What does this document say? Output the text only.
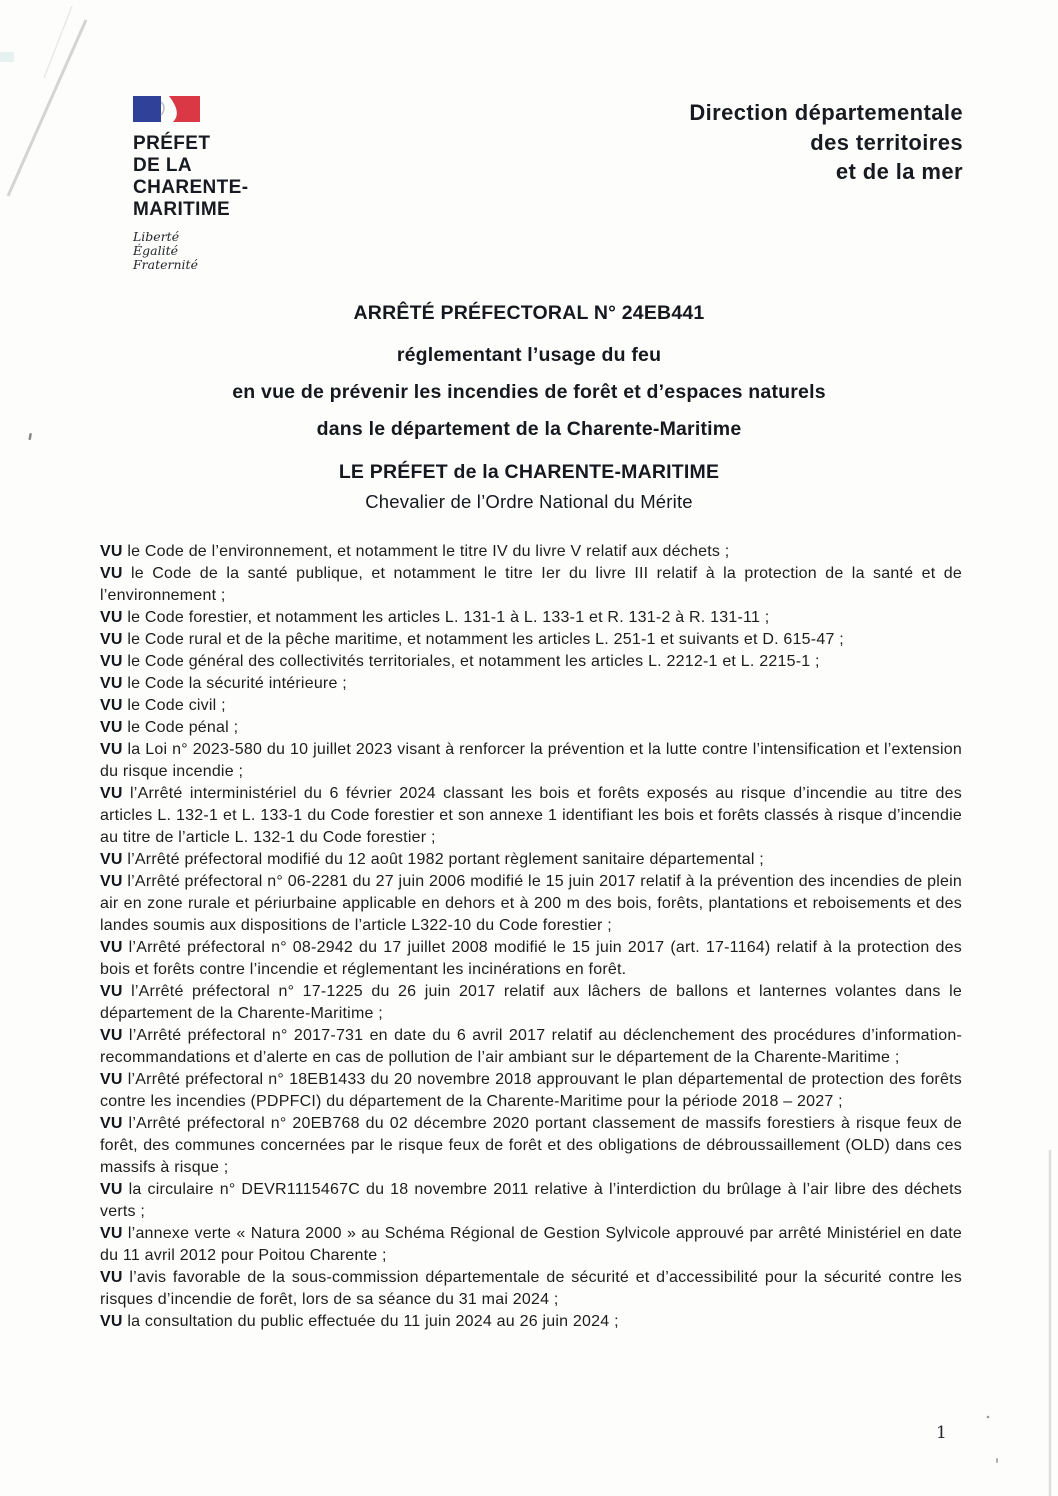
PRÉFET
DE LA
CHARENTE-
MARITIME
Liberté
Égalité
Fraternité
Direction départementale
des territoires
et de la mer
ARRÊTÉ PRÉFECTORAL N° 24EB441
réglementant l’usage du feu
en vue de prévenir les incendies de forêt et d’espaces naturels
dans le département de la Charente-Maritime
LE PRÉFET de la CHARENTE-MARITIME
Chevalier de l’Ordre National du Mérite

VU le Code de l’environnement, et notamment le titre IV du livre V relatif aux déchets ;

VU le Code de la santé publique, et notamment le titre Ier du livre III relatif à la protection de la santé et de l’environnement ;

VU le Code forestier, et notamment les articles L. 131-1 à L. 133-1 et R. 131-2 à R. 131-11 ;

VU le Code rural et de la pêche maritime, et notamment les articles L. 251-1 et suivants et D. 615-47 ;

VU le Code général des collectivités territoriales, et notamment les articles L. 2212-1 et L. 2215-1 ;

VU le Code la sécurité intérieure ;

VU le Code civil ;

VU le Code pénal ;

VU la Loi n° 2023-580 du 10 juillet 2023 visant à renforcer la prévention et la lutte contre l’intensification et l’extension du risque incendie ;

VU l’Arrêté interministériel du 6 février 2024 classant les bois et forêts exposés au risque d’incendie au titre des articles L. 132-1 et L. 133-1 du Code forestier et son annexe 1 identifiant les bois et forêts classés à risque d’incendie au titre de l’article L. 132-1 du Code forestier ;

VU l’Arrêté préfectoral modifié du 12 août 1982 portant règlement sanitaire départemental ;

VU l’Arrêté préfectoral n° 06-2281 du 27 juin 2006 modifié le 15 juin 2017 relatif à la prévention des incendies de plein air en zone rurale et périurbaine applicable en dehors et à 200 m des bois, forêts, plantations et reboisements et des landes soumis aux dispositions de l’article L322-10 du Code forestier ;

VU l’Arrêté préfectoral n° 08-2942 du 17 juillet 2008 modifié le 15 juin 2017 (art. 17-1164) relatif à la protection des bois et forêts contre l’incendie et réglementant les incinérations en forêt.

VU l’Arrêté préfectoral n° 17-1225 du 26 juin 2017 relatif aux lâchers de ballons et lanternes volantes dans le département de la Charente-Maritime ;

VU l’Arrêté préfectoral n° 2017-731 en date du 6 avril 2017 relatif au déclenchement des procédures d’information-recommandations et d’alerte en cas de pollution de l’air ambiant sur le département de la Charente-Maritime ;

VU l’Arrêté préfectoral n° 18EB1433 du 20 novembre 2018 approuvant le plan départemental de protection des forêts contre les incendies (PDPFCI) du département de la Charente-Maritime pour la période 2018 – 2027 ;

VU l’Arrêté préfectoral n° 20EB768 du 02 décembre 2020 portant classement de massifs forestiers à risque feux de forêt, des communes concernées par le risque feux de forêt et des obligations de débroussaillement (OLD) dans ces massifs à risque ;

VU la circulaire n° DEVR1115467C du 18 novembre 2011 relative à l’interdiction du brûlage à l’air libre des déchets verts ;

VU l’annexe verte « Natura 2000 » au Schéma Régional de Gestion Sylvicole approuvé par arrêté Ministériel en date du 11 avril 2012 pour Poitou Charente ;

VU l’avis favorable de la sous-commission départementale de sécurité et d’accessibilité pour la sécurité contre les risques d’incendie de forêt, lors de sa séance du 31 mai 2024 ;

VU la consultation du public effectuée du 11 juin 2024 au 26 juin 2024 ;

1
